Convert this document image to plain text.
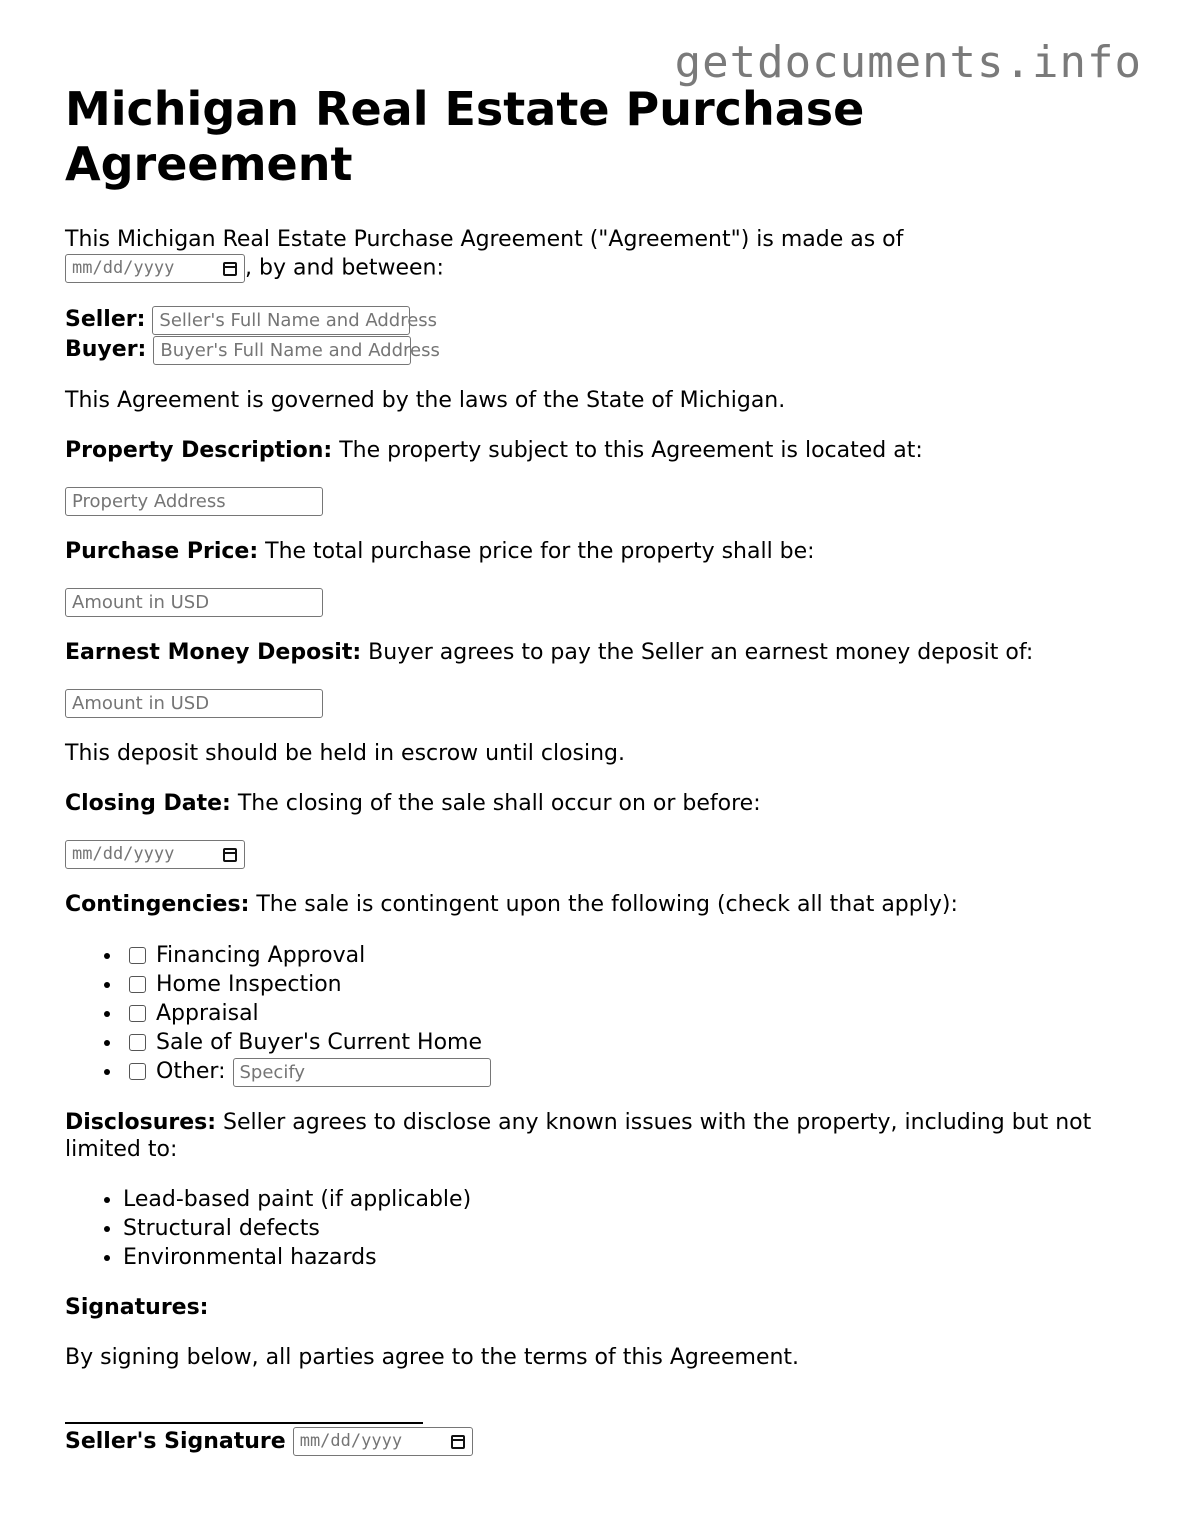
getdocuments.info
Michigan Real Estate Purchase Agreement

This Michigan Real Estate Purchase Agreement ("Agreement") is made as of
mm/dd/yyyy	, by and between:

Seller: Seller's Full Name and Address
Buyer: Buyer's Full Name and Address

This Agreement is governed by the laws of the State of Michigan.

Property Description: The property subject to this Agreement is located at:

Property Address

Purchase Price: The total purchase price for the property shall be:

Amount in USD

Earnest Money Deposit: Buyer agrees to pay the Seller an earnest money deposit of:

Amount in USD

This deposit should be held in escrow until closing.

Closing Date: The closing of the sale shall occur on or before:

mm/dd/yyyy

Contingencies: The sale is contingent upon the following (check all that apply):

• Financing Approval
• Home Inspection
• Appraisal
• Sale of Buyer's Current Home
• Other: Specify

Disclosures: Seller agrees to disclose any known issues with the property, including but not limited to:

• Lead-based paint (if applicable)
• Structural defects
• Environmental hazards

Signatures:

By signing below, all parties agree to the terms of this Agreement.

Seller's Signature mm/dd/yyyy
